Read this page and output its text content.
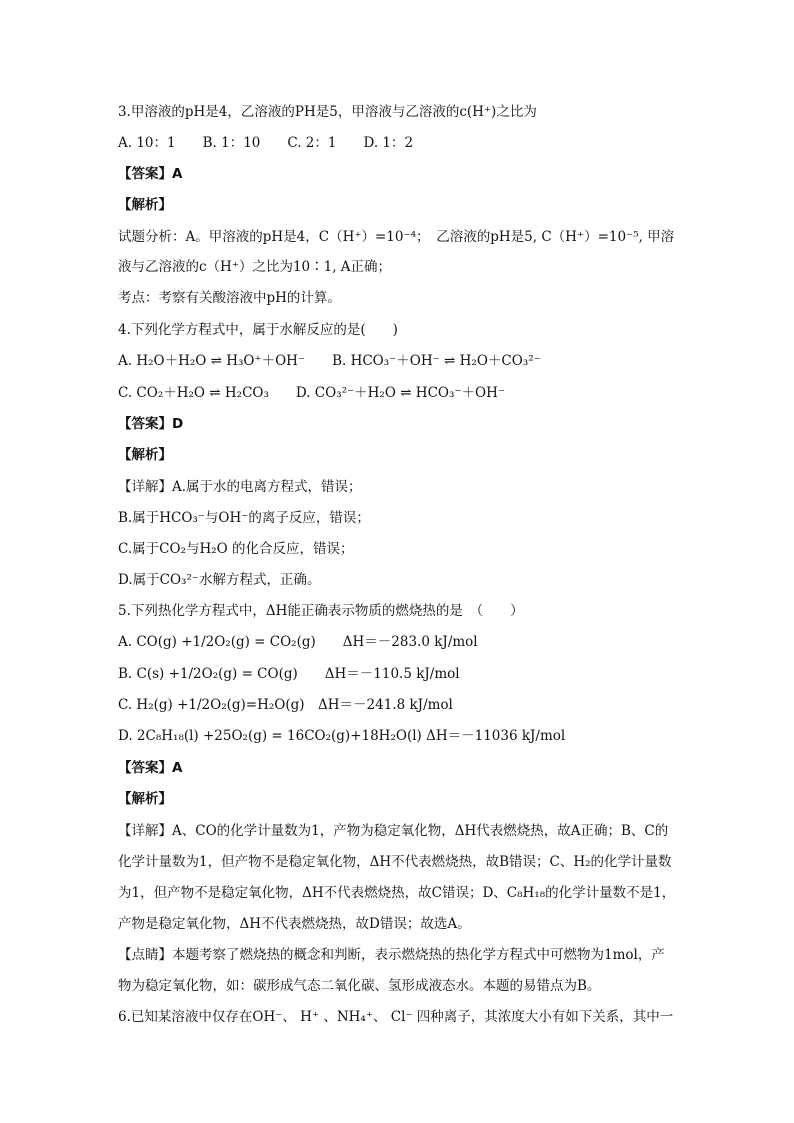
3.甲溶液的pH是4，乙溶液的PH是5，甲溶液与乙溶液的c(H⁺)之比为
A. 10：1　　B. 1：10　　C. 2：1　　D. 1：2
【答案】A
【解析】
试题分析：A。甲溶液的pH是4，C（H⁺）=10⁻⁴；　乙溶液的pH是5, C（H⁺）=10⁻⁵, 甲溶
液与乙溶液的c（H⁺）之比为10∶1, A正确；
考点：考察有关酸溶液中pH的计算。
4.下列化学方程式中，属于水解反应的是(　　)
A. H₂O＋H₂O ⇌ H₃O⁺＋OH⁻　　B. HCO₃⁻＋OH⁻ ⇌ H₂O＋CO₃²⁻
C. CO₂＋H₂O ⇌ H₂CO₃　　D. CO₃²⁻＋H₂O ⇌ HCO₃⁻＋OH⁻
【答案】D
【解析】
【详解】A.属于水的电离方程式，错误；
B.属于HCO₃⁻与OH⁻的离子反应，错误；
C.属于CO₂与H₂O 的化合反应，错误；
D.属于CO₃²⁻水解方程式，正确。
5.下列热化学方程式中，ΔH能正确表示物质的燃烧热的是　（　　）
A. CO(g) +1/2O₂(g) = CO₂(g)　　ΔH＝－283.0 kJ/mol
B. C(s) +1/2O₂(g) = CO(g)　　ΔH＝－110.5 kJ/mol
C. H₂(g) +1/2O₂(g)=H₂O(g)　ΔH＝－241.8 kJ/mol
D. 2C₈H₁₈(l) +25O₂(g) = 16CO₂(g)+18H₂O(l) ΔH＝－11036 kJ/mol
【答案】A
【解析】
【详解】A、CO的化学计量数为1，产物为稳定氧化物，ΔH代表燃烧热，故A正确；B、C的化学计量数为1，但产物不是稳定氧化物，ΔH不代表燃烧热，故B错误；C、H₂的化学计量数为1，但产物不是稳定氧化物，ΔH不代表燃烧热，故C错误；D、C₈H₁₈的化学计量数不是1，产物是稳定氧化物，ΔH不代表燃烧热，故D错误；故选A。
【点睛】本题考察了燃烧热的概念和判断，表示燃烧热的热化学方程式中可燃物为1mol，产物为稳定氧化物，如：碳形成气态二氧化碳、氢形成液态水。本题的易错点为B。
6.已知某溶液中仅存在OH⁻、 H⁺ 、NH₄⁺、 Cl⁻ 四种离子，其浓度大小有如下关系，其中一
